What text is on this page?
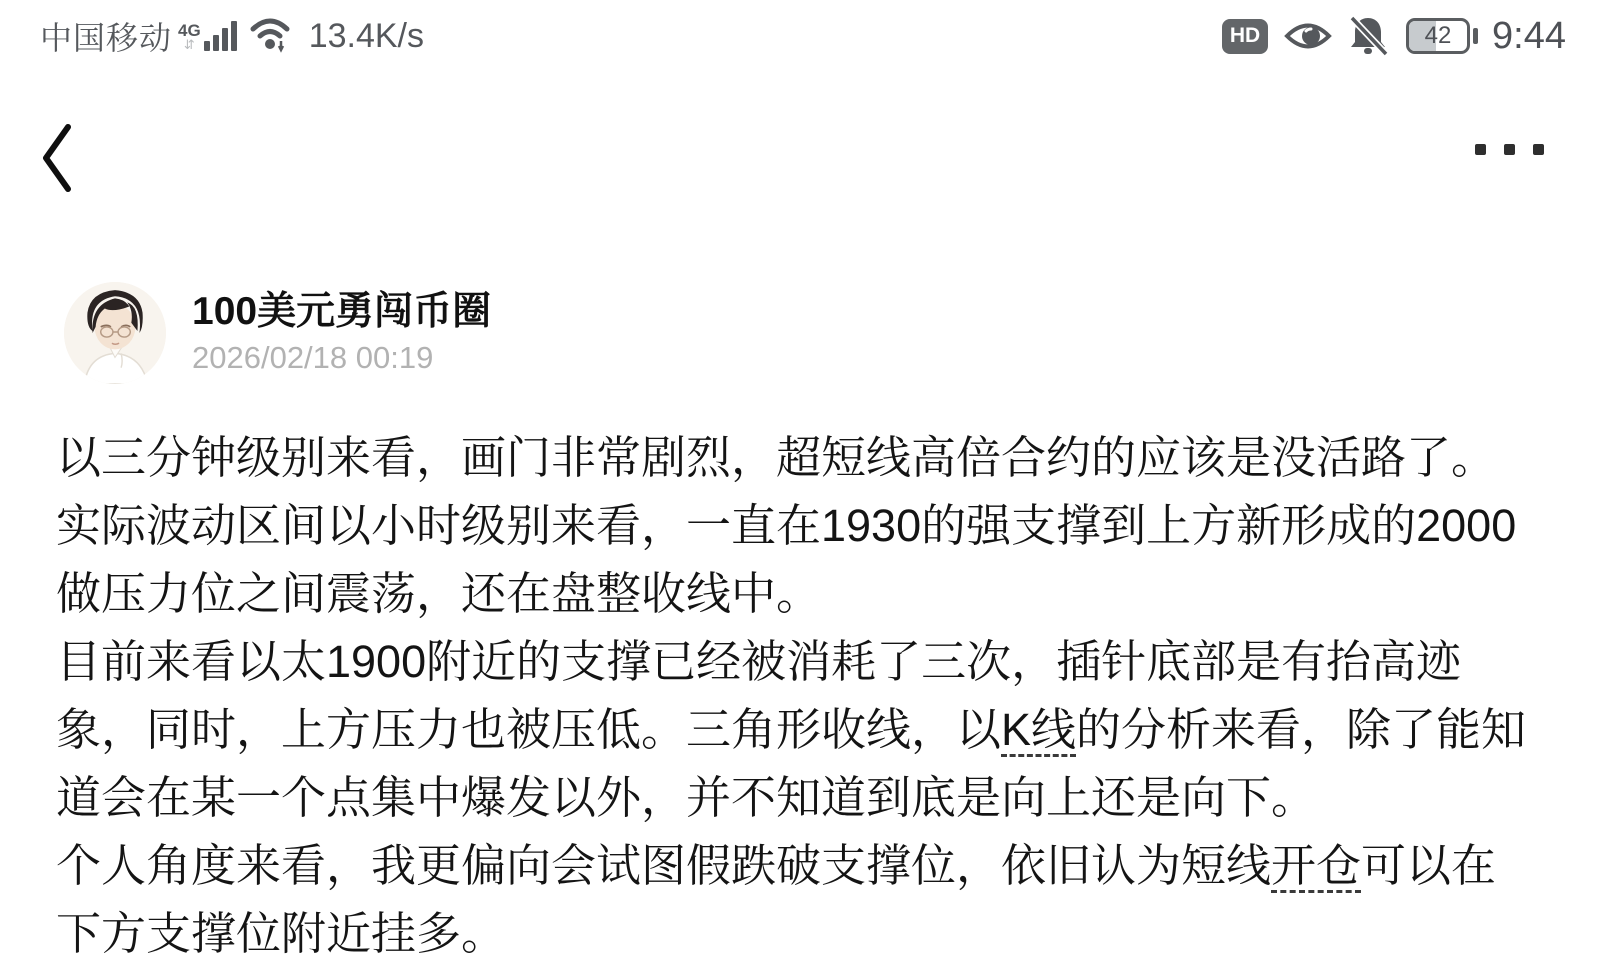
中国移动 4G
⇵	13.4K/s	HD	42 9:44
100美元勇闯币圈
2026/02/18 00:19
以三分钟级别来看，画门非常剧烈，超短线高倍合约的应该是没活路了。
实际波动区间以小时级别来看，一直在1930的强支撑到上方新形成的2000
做压力位之间震荡，还在盘整收线中。
目前来看以太1900附近的支撑已经被消耗了三次，插针底部是有抬高迹
象，同时，上方压力也被压低。三角形收线，以K线的分析来看，除了能知
道会在某一个点集中爆发以外，并不知道到底是向上还是向下。
个人角度来看，我更偏向会试图假跌破支撑位，依旧认为短线开仓可以在
下方支撑位附近挂多。
